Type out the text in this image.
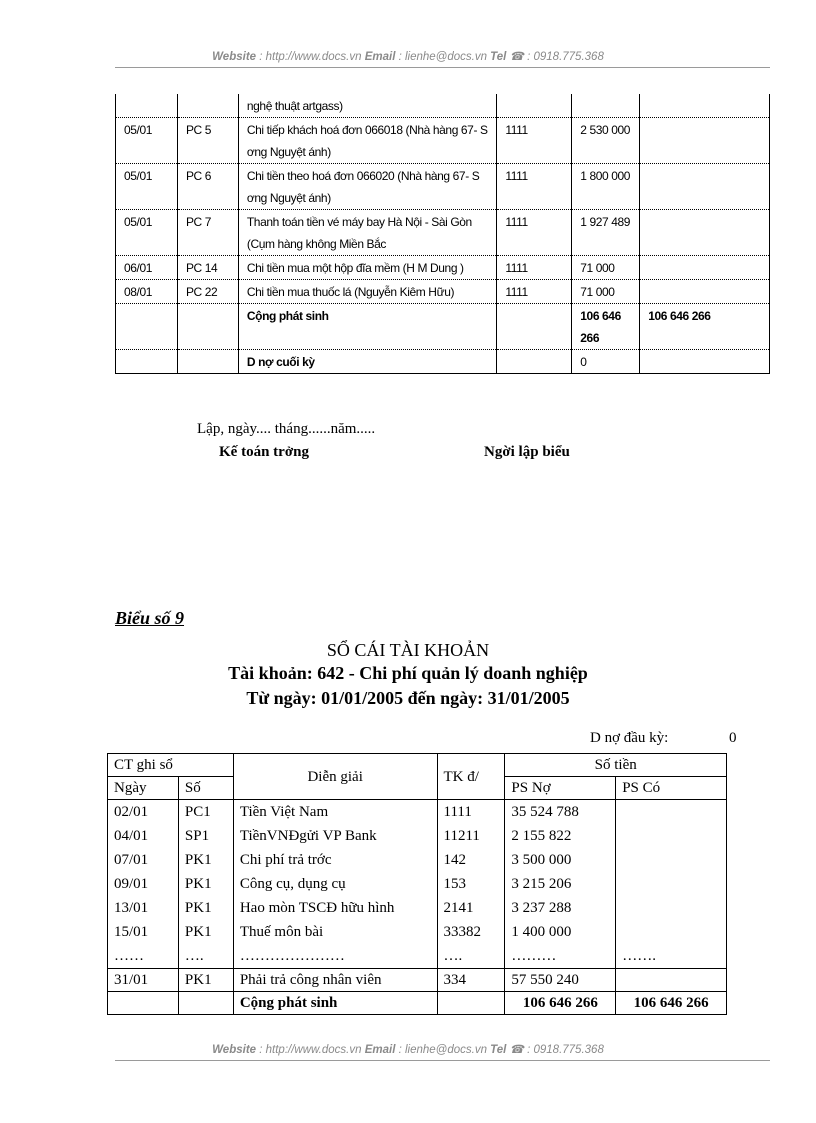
Website : http://www.docs.vn Email : lienhe@docs.vn Tel ☎ : 0918.775.368
		nghệ thuật artgass)			
05/01	PC 5	Chi tiếp khách hoá đơn 066018 (Nhà hàng 67- S ơng Nguyệt ánh)	1111	2 530 000	
05/01	PC 6	Chi tiền theo hoá đơn 066020 (Nhà hàng 67- S ơng Nguyệt ánh)	1111	1 800 000	
05/01	PC 7	Thanh toán tiền vé máy bay Hà Nội - Sài Gòn (Cụm hàng không Miền Bắc	1111	1 927 489	
06/01	PC 14	Chi tiền mua một hộp đĩa mềm (H M Dung )	1111	71 000	
08/01	PC 22	Chi tiền mua thuốc lá (Nguyễn Kiêm Hữu)	1111	71 000	
		Cộng phát sinh		106 646 266	106 646 266
		D nợ cuối kỳ		0	
Lập, ngày.... tháng......năm.....
Kế toán trởng	Ngời lập biểu
Biểu số 9
SỔ CÁI TÀI KHOẢN
Tài khoản: 642 - Chi phí quản lý doanh nghiệp
Từ ngày: 01/01/2005 đến ngày: 31/01/2005
D nợ đầu kỳ:	0
CT ghi sổ		Diễn giải	TK đ/	Số tiền	
Ngày	Số			PS Nợ	PS Có
02/01	PC1	Tiền Việt Nam	1111	35 524 788	
04/01	SP1	TiềnVNĐgửi VP Bank	11211	2 155 822	
07/01	PK1	Chi phí trả trớc	142	3 500 000	
09/01	PK1	Công cụ, dụng cụ	153	3 215 206	
13/01	PK1	Hao mòn TSCĐ hữu hình	2141	3 237 288	
15/01	PK1	Thuế môn bài	33382	1 400 000	
……	….	…………………	….	………	…….
31/01	PK1	Phải trả công nhân viên	334	57 550 240	
		Cộng phát sinh		106 646 266	106 646 266
Website : http://www.docs.vn Email : lienhe@docs.vn Tel ☎ : 0918.775.368
